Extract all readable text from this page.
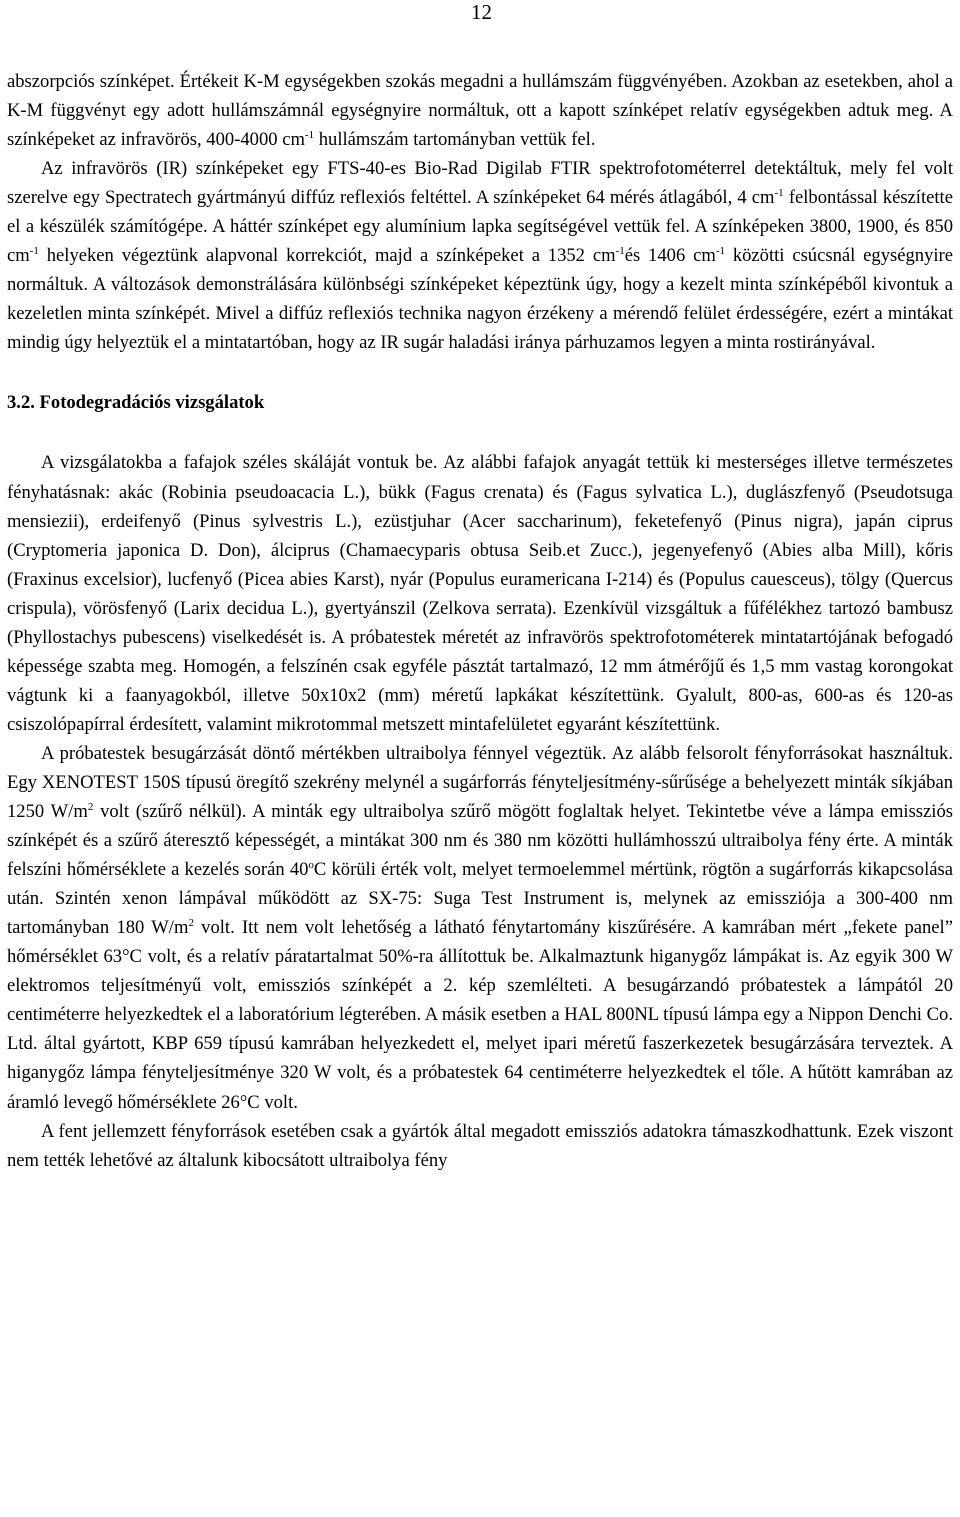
12

abszorpciós színképet. Értékeit K-M egységekben szokás megadni a hullámszám függvényében. Azokban az esetekben, ahol a K-M függvényt egy adott hullámszámnál egységnyire normáltuk, ott a kapott színképet relatív egységekben adtuk meg. A színképeket az infravörös, 400-4000 $cm^{-1}$ hullámszám tartományban vettük fel.

Az infravörös (IR) színképeket egy FTS-40-es Bio-Rad Digilab FTIR spektrofotométerrel detektáltuk, mely fel volt szerelve egy Spectratech gyártmányú diffúz reflexiós feltéttel. A színképeket 64 mérés átlagából, 4 $cm^{-1}$ felbontással készítette el a készülék számítógépe. A háttér színképet egy alumínium lapka segítségével vettük fel. A színképeken 3800, 1900, és 850 $cm^{-1}$ helyeken végeztünk alapvonal korrekciót, majd a színképeket a 1352 $cm^{-1}és$ 1406 $cm^{-1}$ közötti csúcsnál egységnyire normáltuk. A változások demonstrálására különbségi színképeket képeztünk úgy, hogy a kezelt minta színképéből kivontuk a kezeletlen minta színképét. Mivel a diffúz reflexiós technika nagyon érzékeny a mérendő felület érdességére, ezért a mintákat mindig úgy helyeztük el a mintatartóban, hogy az IR sugár haladási iránya párhuzamos legyen a minta rostirányával.

3.2. Fotodegradációs vizsgálatok

A vizsgálatokba a fafajok széles skáláját vontuk be. Az alábbi fafajok anyagát tettük ki mesterséges illetve természetes fényhatásnak: akác (Robinia pseudoacacia L.), bükk (Fagus crenata) és (Fagus sylvatica L.), duglászfenyő (Pseudotsuga mensiezii), erdeifenyő (Pinus sylvestris L.), ezüstjuhar (Acer saccharinum), feketefenyő (Pinus nigra), japán ciprus (Cryptomeria japonica D. Don), álciprus (Chamaecyparis obtusa Seib.et Zucc.), jegenyefenyő (Abies alba Mill), kőris (Fraxinus excelsior), lucfenyő (Picea abies Karst), nyár (Populus euramericana I-214) és (Populus cauesceus), tölgy (Quercus crispula), vörösfenyő (Larix decidua L.), gyertyánszil (Zelkova serrata). Ezenkívül vizsgáltuk a fűfélékhez tartozó bambusz (Phyllostachys pubescens) viselkedését is. A próbatestek méretét az infravörös spektrofotométerek mintatartójának befogadó képessége szabta meg. Homogén, a felszínén csak egyféle pásztát tartalmazó, 12 mm átmérőjű és 1,5 mm vastag korongokat vágtunk ki a faanyagokból, illetve 50x10x2 (mm) méretű lapkákat készítettünk. Gyalult, 800-as, 600-as és 120-as csiszolópapírral érdesített, valamint mikrotommal metszett mintafelületet egyaránt készítettünk.

A próbatestek besugárzását döntő mértékben ultraibolya fénnyel végeztük. Az alább felsorolt fényforrásokat használtuk. Egy XENOTEST 150S típusú öregítő szekrény melynél a sugárforrás fényteljesítmény-sűrűsége a behelyezett minták síkjában 1250 $W/m^2$ volt (szűrő nélkül). A minták egy ultraibolya szűrő mögött foglaltak helyet. Tekintetbe véve a lámpa emissziós színképét és a szűrő áteresztő képességét, a mintákat 300 nm és 380 nm közötti hullámhosszú ultraibolya fény érte. A minták felszíni hőmérséklete a kezelés során 40$^o$C körüli érték volt, melyet termoelemmel mértünk, rögtön a sugárforrás kikapcsolása után. Szintén xenon lámpával működött az SX-75: Suga Test Instrument is, melynek az emissziója a 300-400 nm tartományban 180 $W/m^2$ volt. Itt nem volt lehetőség a látható fénytartomány kiszűrésére. A kamrában mért „fekete panel” hőmérséklet 63°C volt, és a relatív páratartalmat 50%-ra állítottuk be. Alkalmaztunk higanygőz lámpákat is. Az egyik 300 W elektromos teljesítményű volt, emissziós színképét a 2. kép szemlélteti. A besugárzandó próbatestek a lámpától 20 centiméterre helyezkedtek el a laboratórium légterében. A másik esetben a HAL 800NL típusú lámpa egy a Nippon Denchi Co. Ltd. által gyártott, KBP 659 típusú kamrában helyezkedett el, melyet ipari méretű faszerkezetek besugárzására terveztek. A higanygőz lámpa fényteljesítménye 320 W volt, és a próbatestek 64 centiméterre helyezkedtek el tőle. A hűtött kamrában az áramló levegő hőmérséklete 26°C volt.

A fent jellemzett fényforrások esetében csak a gyártók által megadott emissziós adatokra támaszkodhattunk. Ezek viszont nem tették lehetővé az általunk kibocsátott ultraibolya fény
